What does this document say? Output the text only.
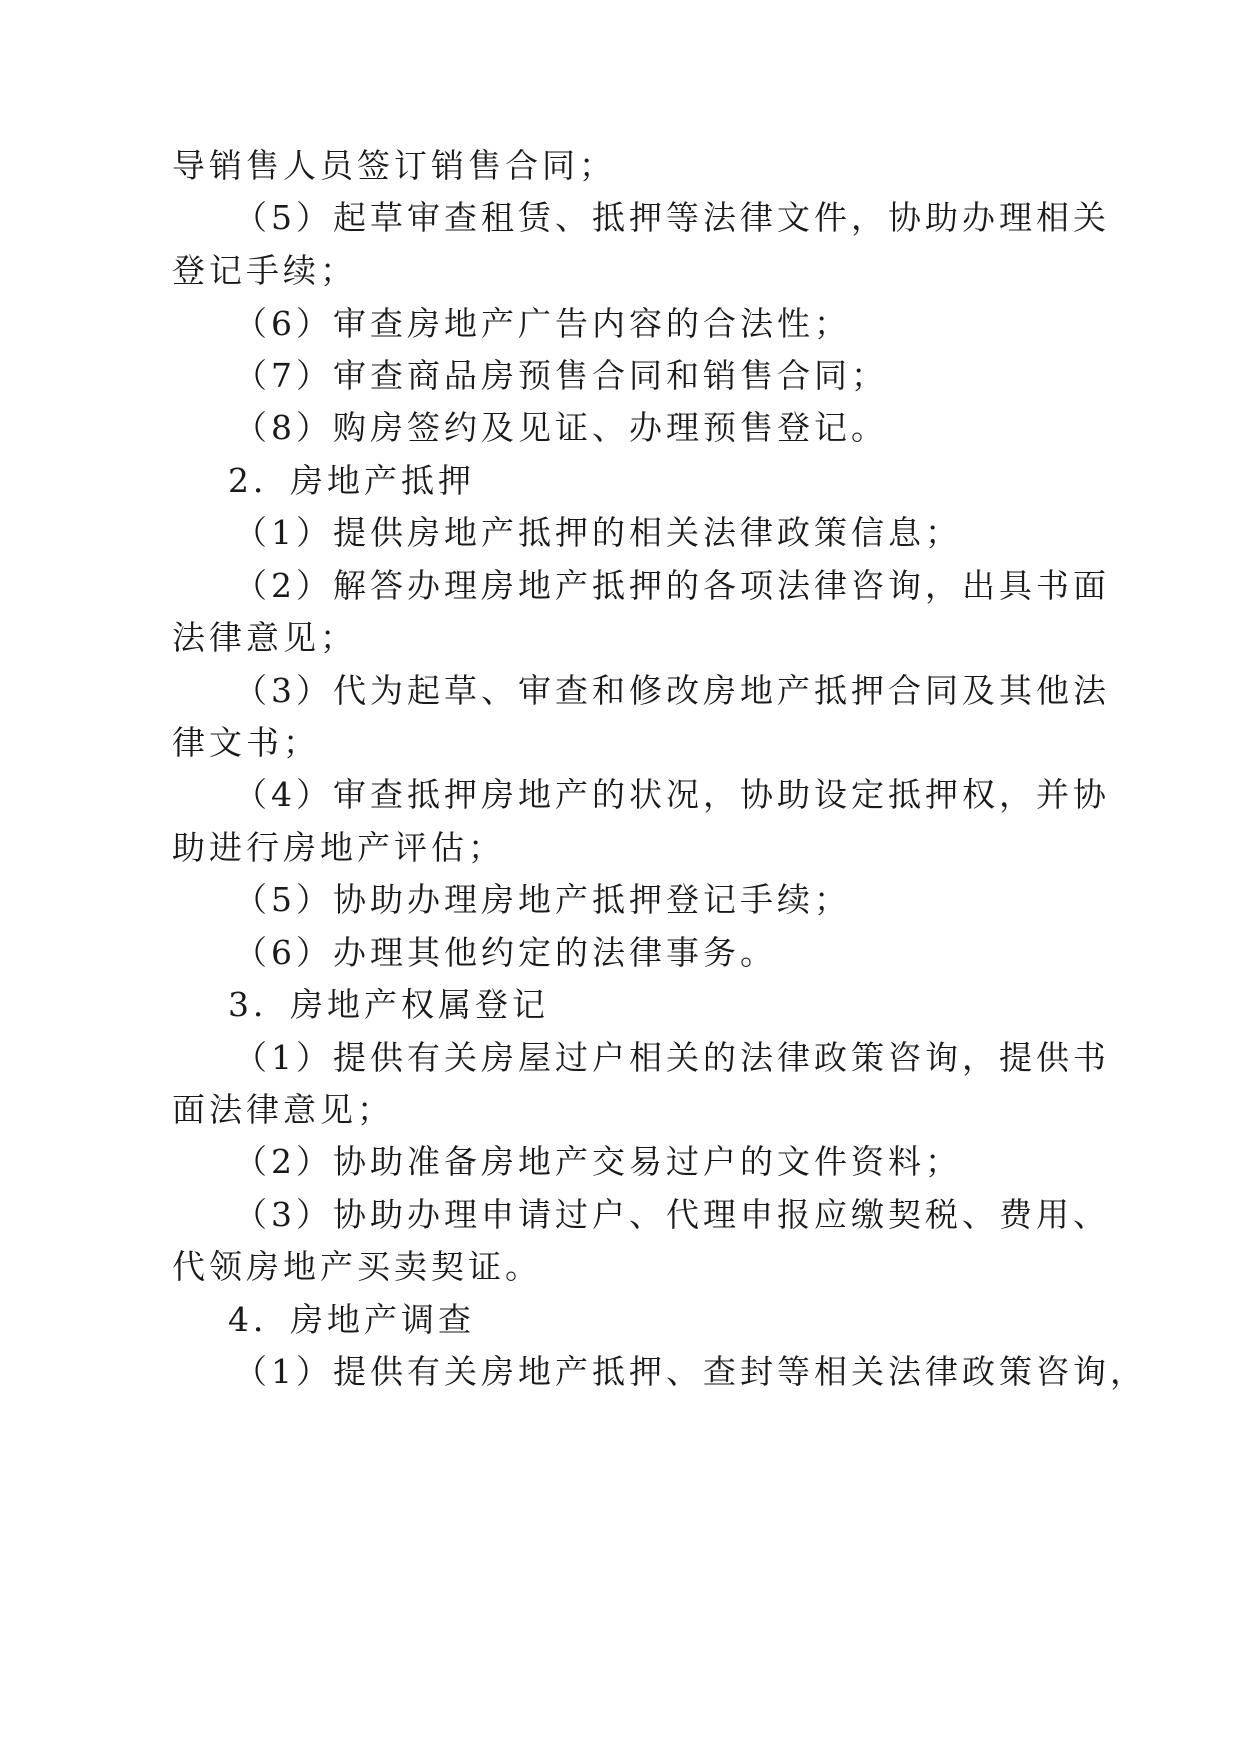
导销售人员签订销售合同；
（5）起草审查租赁、抵押等法律文件，协助办理相关
登记手续；
（6）审查房地产广告内容的合法性；
（7）审查商品房预售合同和销售合同；
（8）购房签约及见证、办理预售登记。
2．房地产抵押
（1）提供房地产抵押的相关法律政策信息；
（2）解答办理房地产抵押的各项法律咨询，出具书面
法律意见；
（3）代为起草、审查和修改房地产抵押合同及其他法
律文书；
（4）审查抵押房地产的状况，协助设定抵押权，并协
助进行房地产评估；
（5）协助办理房地产抵押登记手续；
（6）办理其他约定的法律事务。
3．房地产权属登记
（1）提供有关房屋过户相关的法律政策咨询，提供书
面法律意见；
（2）协助准备房地产交易过户的文件资料；
（3）协助办理申请过户、代理申报应缴契税、费用、
代领房地产买卖契证。
4．房地产调查
（1）提供有关房地产抵押、查封等相关法律政策咨询，
